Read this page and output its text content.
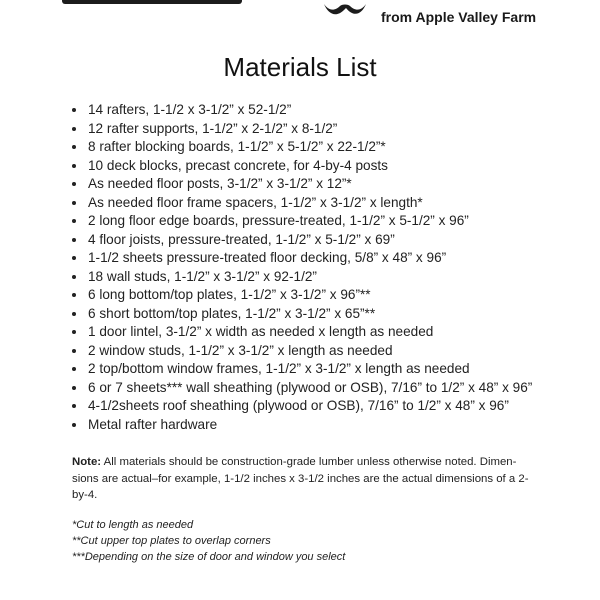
from Apple Valley Farm
Materials List
14 rafters, 1-1/2 x 3-1/2” x 52-1/2”
12 rafter supports, 1-1/2” x 2-1/2” x 8-1/2”
8 rafter blocking boards, 1-1/2” x 5-1/2” x 22-1/2”*
10 deck blocks, precast concrete, for 4-by-4 posts
As needed floor posts, 3-1/2” x 3-1/2” x 12”*
As needed floor frame spacers, 1-1/2” x 3-1/2” x length*
2 long floor edge boards, pressure-treated, 1-1/2” x 5-1/2” x 96”
4 floor joists, pressure-treated, 1-1/2” x 5-1/2” x 69”
1-1/2 sheets pressure-treated floor decking, 5/8” x 48” x 96”
18 wall studs, 1-1/2” x 3-1/2” x 92-1/2”
6 long bottom/top plates, 1-1/2” x 3-1/2” x 96”**
6 short bottom/top plates, 1-1/2” x 3-1/2” x 65”**
1 door lintel, 3-1/2” x width as needed x length as needed
2 window studs, 1-1/2” x 3-1/2” x length as needed
2 top/bottom window frames, 1-1/2” x 3-1/2” x length as needed
6 or 7 sheets*** wall sheathing (plywood or OSB), 7/16” to 1/2” x 48” x 96”
4-1/2sheets roof sheathing (plywood or OSB), 7/16” to 1/2” x 48” x 96”
Metal rafter hardware

Note: All materials should be construction-grade lumber unless otherwise noted. Dimen-sions are actual–for example, 1-1/2 inches x 3-1/2 inches are the actual dimensions of a 2-by-4.

*Cut to length as needed
**Cut upper top plates to overlap corners
***Depending on the size of door and window you select
